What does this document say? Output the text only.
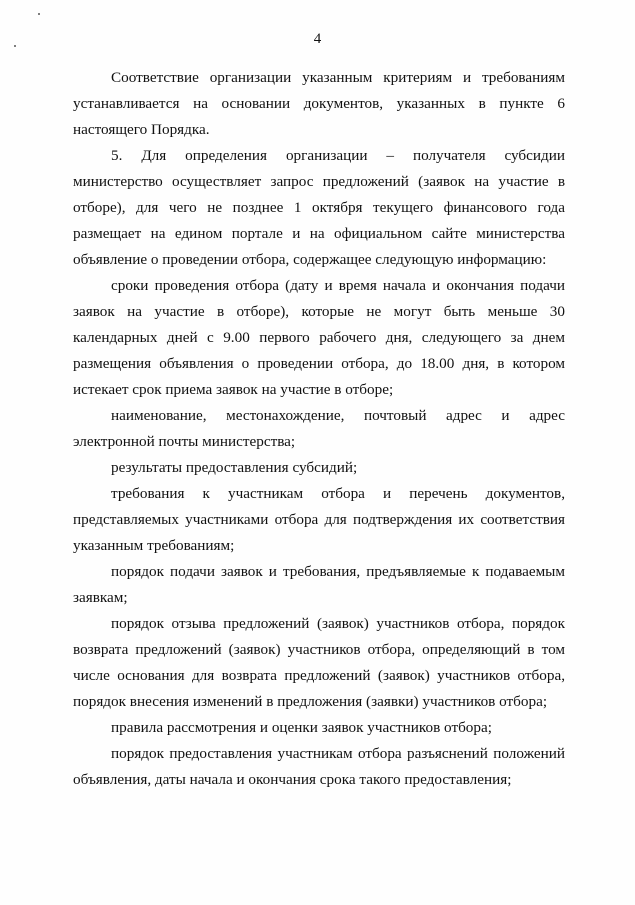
4

Соответствие организации указанным критериям и требованиям устанавливается на основании документов, указанных в пункте 6 настоящего Порядка.

5. Для определения организации – получателя субсидии министерство осуществляет запрос предложений (заявок на участие в отборе), для чего не позднее 1 октября текущего финансового года размещает на едином портале и на официальном сайте министерства объявление о проведении отбора, содержащее следующую информацию:

сроки проведения отбора (дату и время начала и окончания подачи заявок на участие в отборе), которые не могут быть меньше 30 календарных дней с 9.00 первого рабочего дня, следующего за днем размещения объявления о проведении отбора, до 18.00 дня, в котором истекает срок приема заявок на участие в отборе;

наименование, местонахождение, почтовый адрес и адрес электронной почты министерства;

результаты предоставления субсидий;

требования к участникам отбора и перечень документов, представляемых участниками отбора для подтверждения их соответствия указанным требованиям;

порядок подачи заявок и требования, предъявляемые к подаваемым заявкам;

порядок отзыва предложений (заявок) участников отбора, порядок возврата предложений (заявок) участников отбора, определяющий в том числе основания для возврата предложений (заявок) участников отбора, порядок внесения изменений в предложения (заявки) участников отбора;

правила рассмотрения и оценки заявок участников отбора;

порядок предоставления участникам отбора разъяснений положений объявления, даты начала и окончания срока такого предоставления;
